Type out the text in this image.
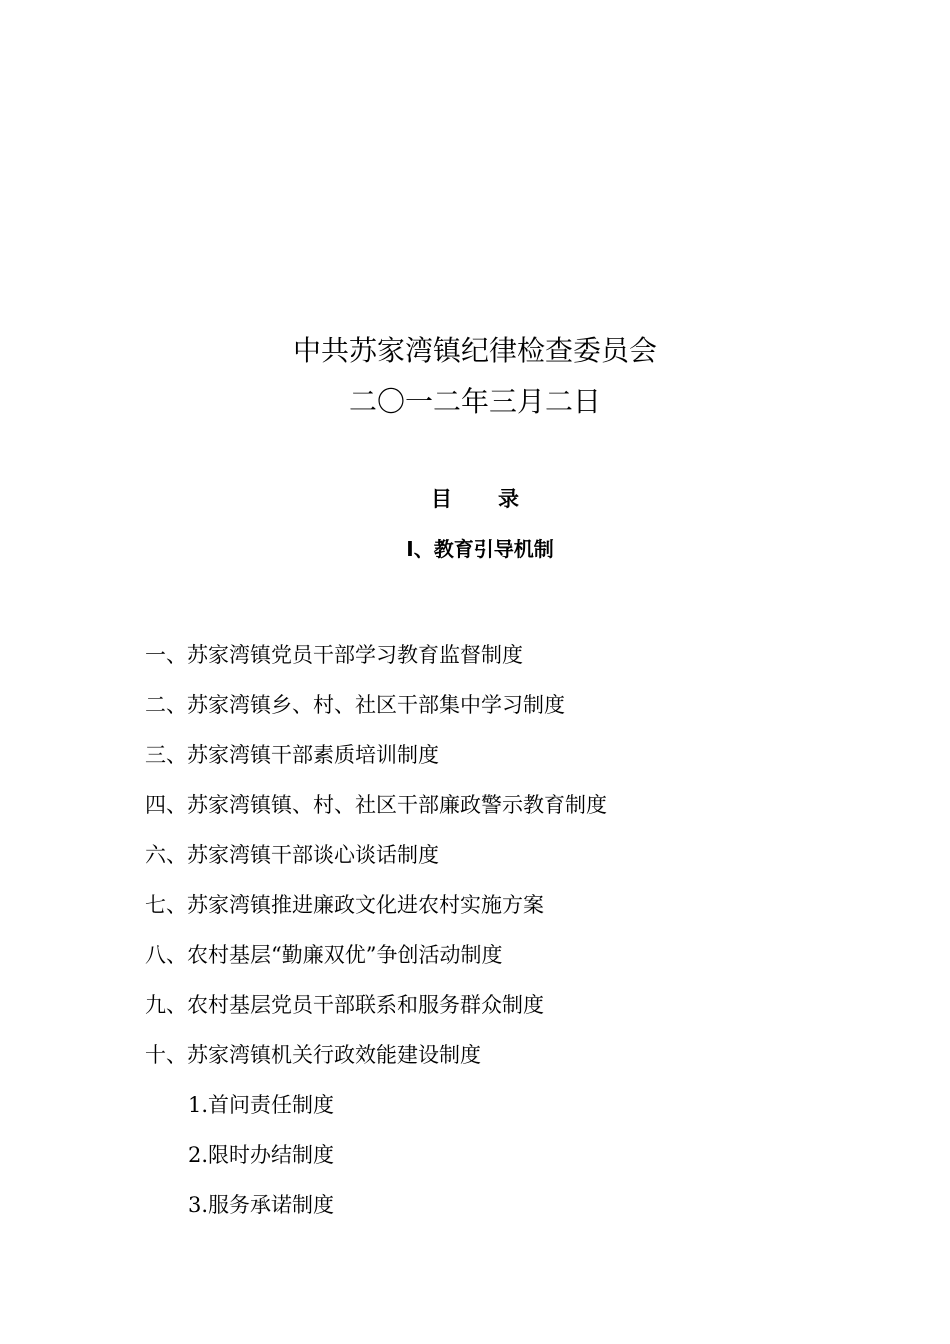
中共苏家湾镇纪律检查委员会
二〇一二年三月二日
目 录
Ⅰ、教育引导机制
一、苏家湾镇党员干部学习教育监督制度
二、苏家湾镇乡、村、社区干部集中学习制度
三、苏家湾镇干部素质培训制度
四、苏家湾镇镇、村、社区干部廉政警示教育制度
六、苏家湾镇干部谈心谈话制度
七、苏家湾镇推进廉政文化进农村实施方案
八、农村基层“勤廉双优”争创活动制度
九、农村基层党员干部联系和服务群众制度
十、苏家湾镇机关行政效能建设制度
1.首问责任制度
2.限时办结制度
3.服务承诺制度
